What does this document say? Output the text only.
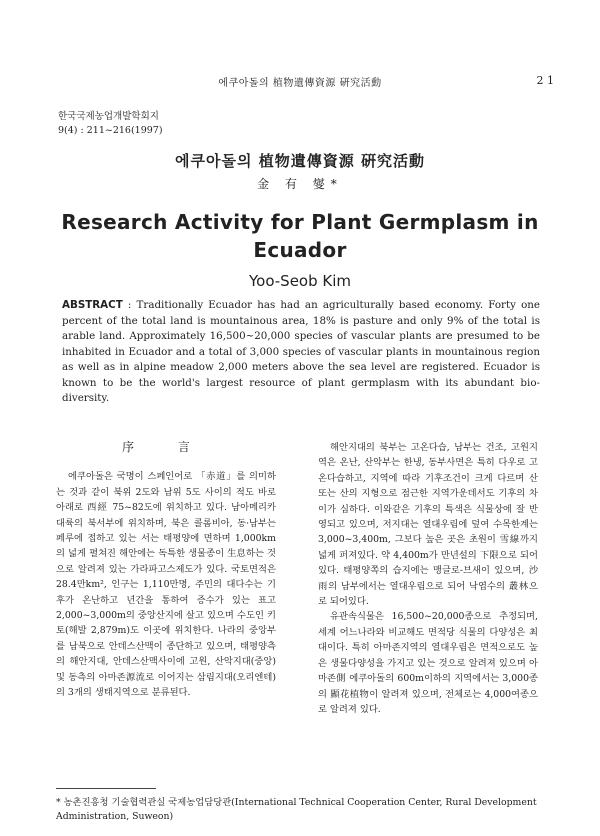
에쿠아돌의 植物遺傳資源 硏究活動	2 1
한국국제농업개발학회지
9(4) : 211~216(1997)
에쿠아돌의 植物遺傳資源 硏究活動
金 有 燮*
Research Activity for Plant Germplasm in Ecuador
Yoo-Seob Kim
ABSTRACT : Traditionally Ecuador has had an agriculturally based economy. Forty one percent of the total land is mountainous area, 18% is pasture and only 9% of the total is arable land. Approximately 16,500~20,000 species of vascular plants are presumed to be inhabited in Ecuador and a total of 3,000 species of vascular plants in mountainous region as well as in alpine meadow 2,000 meters above the sea level are registered. Ecuador is known to be the world's largest resource of plant germplasm with its abundant bio-diversity.
序 言

에쿠아돌은 국명이 스페인어로 「赤道」를 의미하는 것과 같이 북위 2도와 남위 5도 사이의 적도 바로 아래로 西經 75~82도에 위치하고 있다. 남아메리카 대륙의 북서부에 위치하며, 북은 콜롬비아, 동·남부는 페루에 접하고 있는 서는 태평양에 면하며 1,000km의 넓게 펼쳐진 해안에는 독특한 생물종이 生息하는 것으로 알려져 있는 가라파고스제도가 있다. 국토면적은 28.4만km², 인구는 1,110만명, 주민의 대다수는 기후가 온난하고 년간을 통하여 증수가 있는 표고 2,000~3,000m의 중앙산지에 살고 있으며 수도인 키토(해발 2,879m)도 이곳에 위치한다. 나라의 중앙부를 남북으로 안데스산맥이 종단하고 있으며, 태평양측의 해안지대, 안데스산맥사이에 고원, 산악지대(중앙) 및 동측의 아마존源流로 이어지는 삼림지대(오리엔테)의 3개의 생태지역으로 분류된다.

해안지대의 북부는 고온다습, 남부는 건조, 고원지역은 온난, 산악부는 한냉, 동부사면은 특히 다우로 고온다습하고, 지역에 따라 기후조건이 크게 다르며 산 또는 산의 지형으로 점근한 지역가운데서도 기후의 차이가 심하다. 이와같은 기후의 특색은 식물상에 잘 반영되고 있으며, 저지대는 열대우림에 덮여 수목한계는 3,000~3,400m, 그보다 높은 곳은 초원이 雪線까지 넓게 퍼져있다. 약 4,400m가 만년설의 下限으로 되어 있다. 태평양쪽의 습지에는 맹글로-브새이 있으며, 沙雨의 남부에서는 열대우림으로 되어 낙엽수의 叢林으로 되어있다.

유관속식물은 16,500~20,000종으로 추정되며, 세계 어느나라와 비교해도 면적당 식물의 다양성은 최대이다. 특히 아마존지역의 열대우림은 면적으로도 높은 생물다양성을 가지고 있는 것으로 알려져 있으며 아마존側 에쿠아돌의 600m이하의 지역에서는 3,000종의 顯花植物이 알려져 있으며, 전체로는 4,000여종으로 알려져 있다.

* 농촌진흥청 기술협력관실 국제농업담당관(International Technical Cooperation Center, Rural Development Administration, Suweon)
